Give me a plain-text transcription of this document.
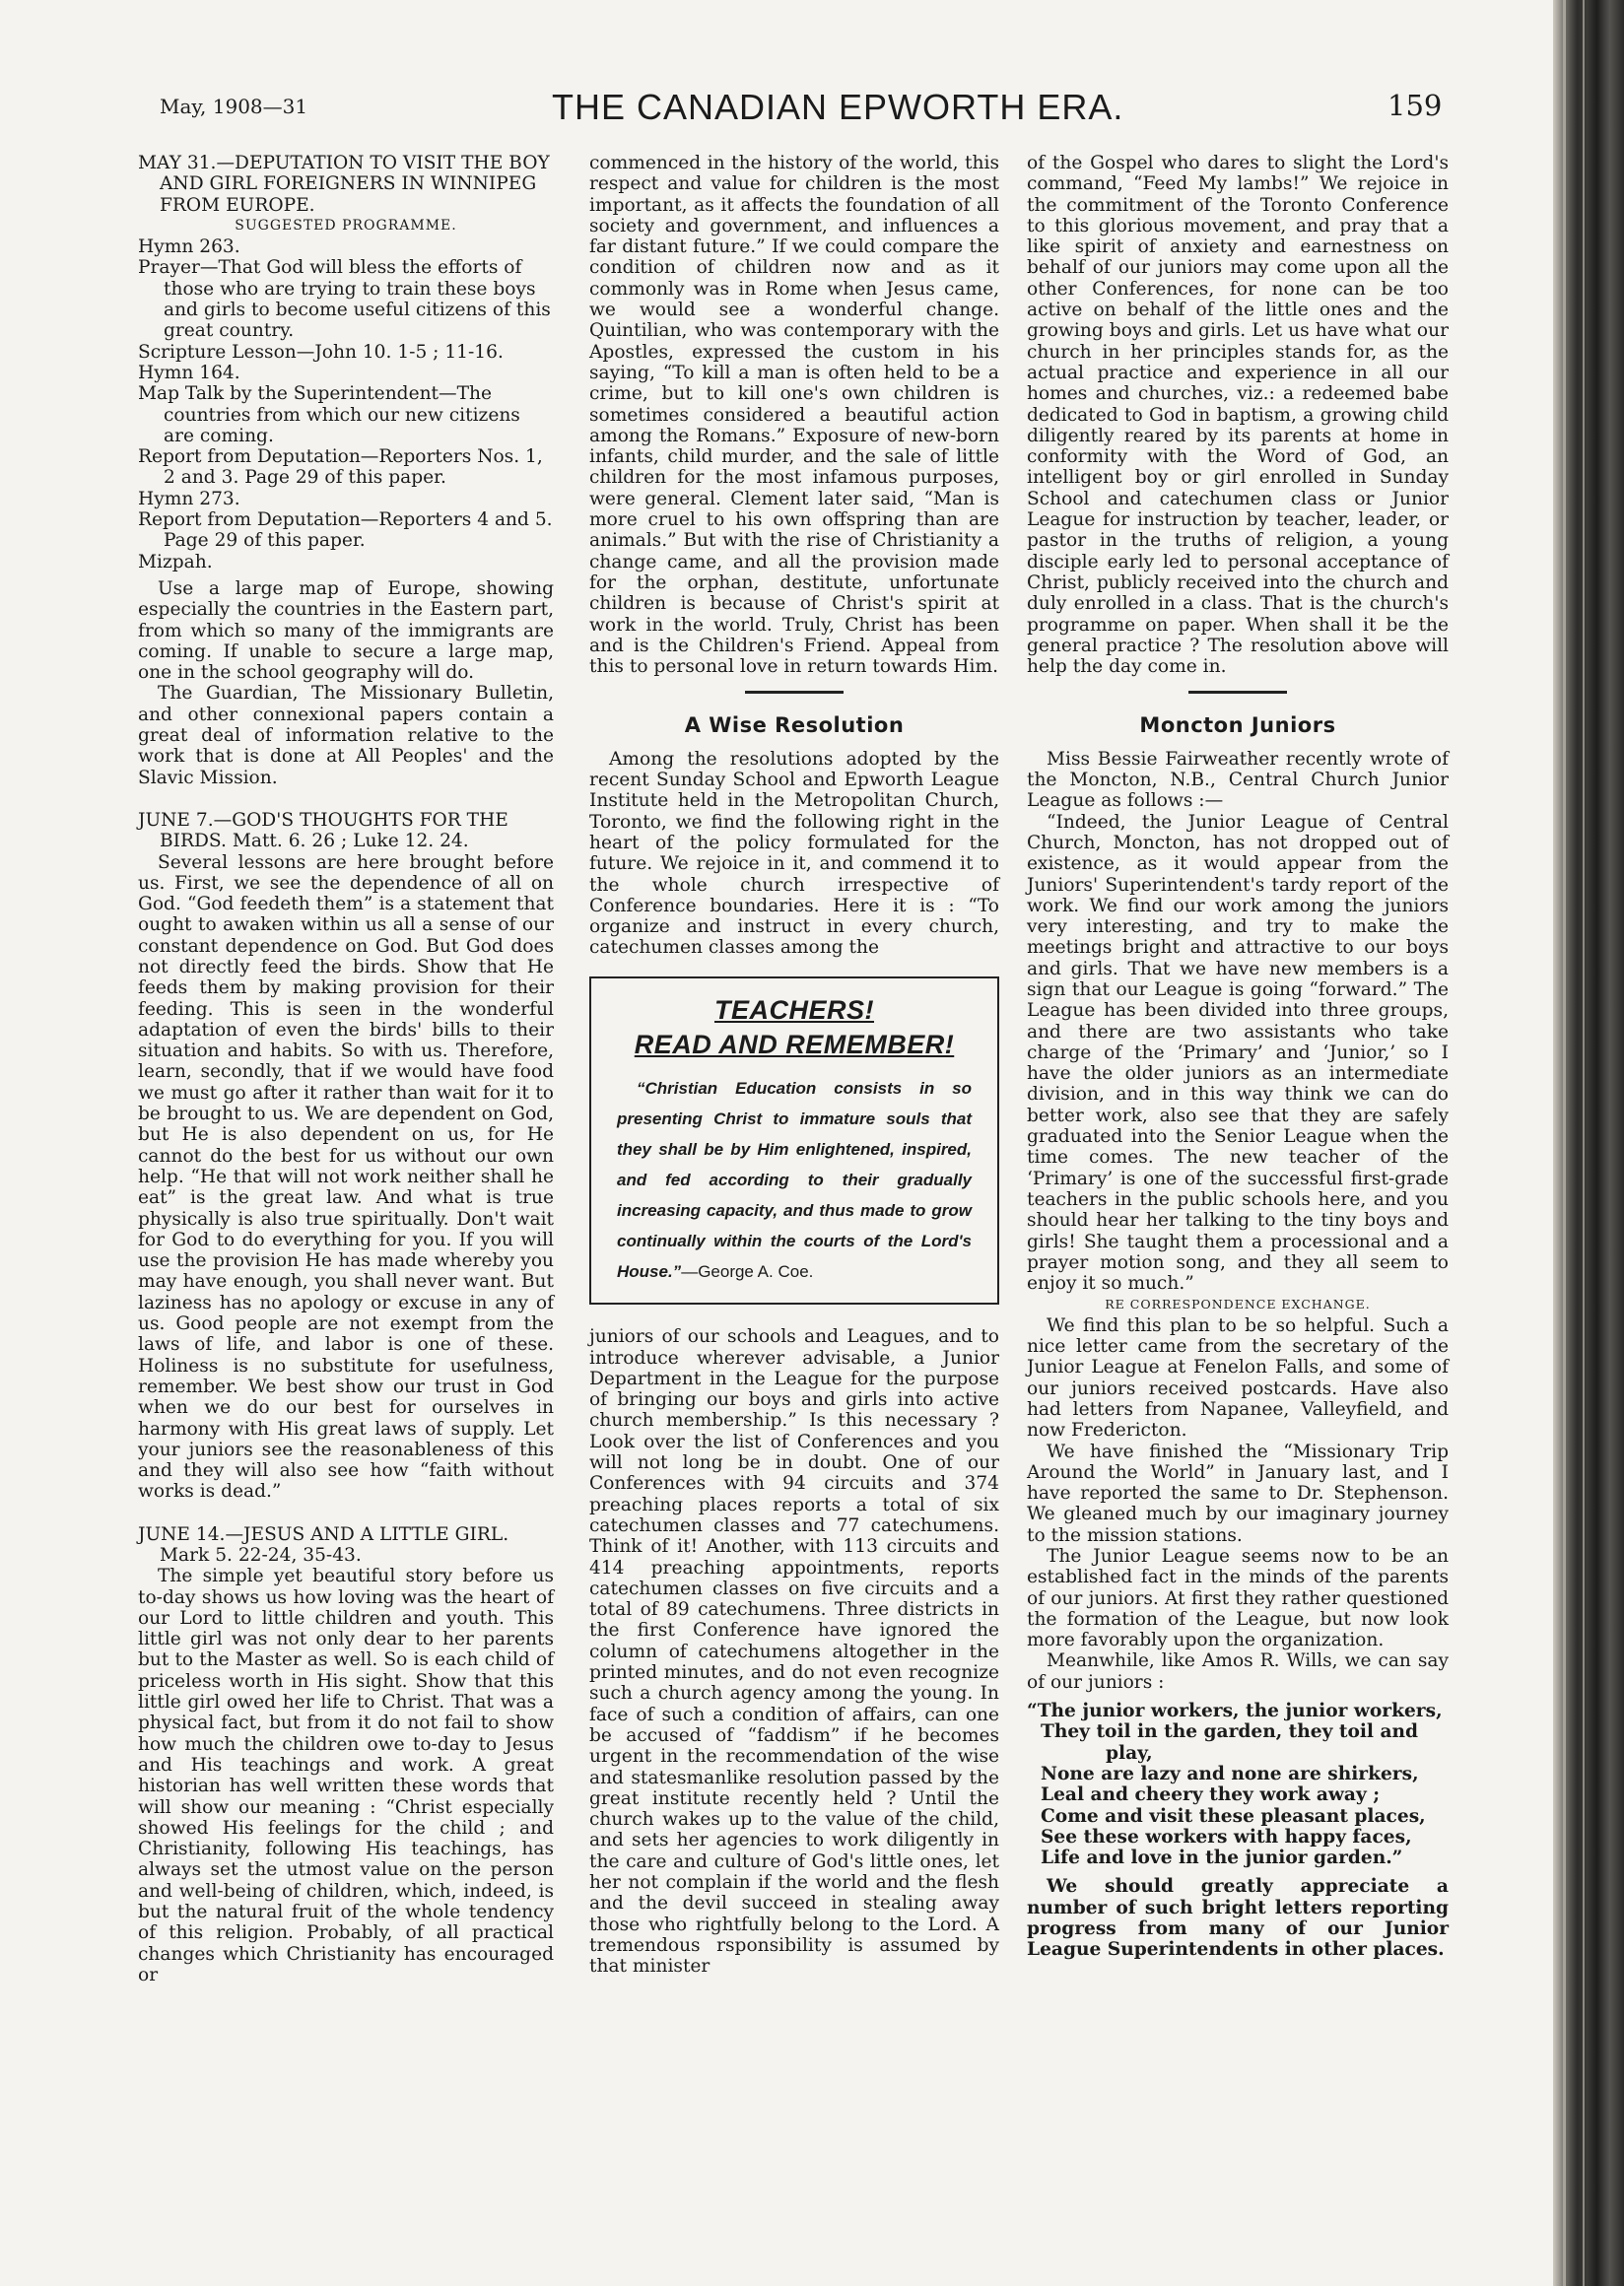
May, 1908—31	THE CANADIAN EPWORTH ERA.	159

MAY 31.—DEPUTATION TO VISIT THE BOY AND GIRL FOREIGNERS IN WINNIPEG FROM EUROPE.

SUGGESTED PROGRAMME.

Hymn 263.

Prayer—That God will bless the efforts of those who are trying to train these boys and girls to become useful citizens of this great country.

Scripture Lesson—John 10. 1-5 ; 11-16.

Hymn 164.

Map Talk by the Superintendent—The countries from which our new citizens are coming.

Report from Deputation—Reporters Nos. 1, 2 and 3. Page 29 of this paper.

Hymn 273.

Report from Deputation—Reporters 4 and 5. Page 29 of this paper.

Mizpah.

Use a large map of Europe, showing especially the countries in the Eastern part, from which so many of the immigrants are coming. If unable to secure a large map, one in the school geography will do.

The Guardian, The Missionary Bulletin, and other connexional papers contain a great deal of information relative to the work that is done at All Peoples' and the Slavic Mission.

JUNE 7.—GOD'S THOUGHTS FOR THE BIRDS. Matt. 6. 26 ; Luke 12. 24.

Several lessons are here brought before us. First, we see the dependence of all on God. “God feedeth them” is a statement that ought to awaken within us all a sense of our constant dependence on God. But God does not directly feed the birds. Show that He feeds them by making provision for their feeding. This is seen in the wonderful adaptation of even the birds' bills to their situation and habits. So with us. Therefore, learn, secondly, that if we would have food we must go after it rather than wait for it to be brought to us. We are dependent on God, but He is also dependent on us, for He cannot do the best for us without our own help. “He that will not work neither shall he eat” is the great law. And what is true physically is also true spiritually. Don't wait for God to do everything for you. If you will use the provision He has made whereby you may have enough, you shall never want. But laziness has no apology or excuse in any of us. Good people are not exempt from the laws of life, and labor is one of these. Holiness is no substitute for usefulness, remember. We best show our trust in God when we do our best for ourselves in harmony with His great laws of supply. Let your juniors see the reasonableness of this and they will also see how “faith without works is dead.”

JUNE 14.—JESUS AND A LITTLE GIRL. Mark 5. 22-24, 35-43.

The simple yet beautiful story before us to-day shows us how loving was the heart of our Lord to little children and youth. This little girl was not only dear to her parents but to the Master as well. So is each child of priceless worth in His sight. Show that this little girl owed her life to Christ. That was a physical fact, but from it do not fail to show how much the children owe to-day to Jesus and His teachings and work. A great historian has well written these words that will show our meaning : “Christ especially showed His feelings for the child ; and Christianity, following His teachings, has always set the utmost value on the person and well-being of children, which, indeed, is but the natural fruit of the whole tendency of this religion. Probably, of all practical changes which Christianity has encouraged or

commenced in the history of the world, this respect and value for children is the most important, as it affects the foundation of all society and government, and influences a far distant future.” If we could compare the condition of children now and as it commonly was in Rome when Jesus came, we would see a wonderful change. Quintilian, who was contemporary with the Apostles, expressed the custom in his saying, “To kill a man is often held to be a crime, but to kill one's own children is sometimes considered a beautiful action among the Romans.” Exposure of new-born infants, child murder, and the sale of little children for the most infamous purposes, were general. Clement later said, “Man is more cruel to his own offspring than are animals.” But with the rise of Christianity a change came, and all the provision made for the orphan, destitute, unfortunate children is because of Christ's spirit at work in the world. Truly, Christ has been and is the Children's Friend. Appeal from this to personal love in return towards Him.

A Wise Resolution

Among the resolutions adopted by the recent Sunday School and Epworth League Institute held in the Metropolitan Church, Toronto, we find the following right in the heart of the policy formulated for the future. We rejoice in it, and commend it to the whole church irrespective of Conference boundaries. Here it is : “To organize and instruct in every church, catechumen classes among the

TEACHERS!
READ AND REMEMBER!

“Christian Education consists in so presenting Christ to immature souls that they shall be by Him enlightened, inspired, and fed according to their gradually increasing capacity, and thus made to grow continually within the courts of the Lord's House.”—George A. Coe.

juniors of our schools and Leagues, and to introduce wherever advisable, a Junior Department in the League for the purpose of bringing our boys and girls into active church membership.” Is this necessary ? Look over the list of Conferences and you will not long be in doubt. One of our Conferences with 94 circuits and 374 preaching places reports a total of six catechumen classes and 77 catechumens. Think of it! Another, with 113 circuits and 414 preaching appointments, reports catechumen classes on five circuits and a total of 89 catechumens. Three districts in the first Conference have ignored the column of catechumens altogether in the printed minutes, and do not even recognize such a church agency among the young. In face of such a condition of affairs, can one be accused of “faddism” if he becomes urgent in the recommendation of the wise and statesmanlike resolution passed by the great institute recently held ? Until the church wakes up to the value of the child, and sets her agencies to work diligently in the care and culture of God's little ones, let her not complain if the world and the flesh and the devil succeed in stealing away those who rightfully belong to the Lord. A tremendous rsponsibility is assumed by that minister

of the Gospel who dares to slight the Lord's command, “Feed My lambs!” We rejoice in the commitment of the Toronto Conference to this glorious movement, and pray that a like spirit of anxiety and earnestness on behalf of our juniors may come upon all the other Conferences, for none can be too active on behalf of the little ones and the growing boys and girls. Let us have what our church in her principles stands for, as the actual practice and experience in all our homes and churches, viz.: a redeemed babe dedicated to God in baptism, a growing child diligently reared by its parents at home in conformity with the Word of God, an intelligent boy or girl enrolled in Sunday School and catechumen class or Junior League for instruction by teacher, leader, or pastor in the truths of religion, a young disciple early led to personal acceptance of Christ, publicly received into the church and duly enrolled in a class. That is the church's programme on paper. When shall it be the general practice ? The resolution above will help the day come in.

Moncton Juniors

Miss Bessie Fairweather recently wrote of the Moncton, N.B., Central Church Junior League as follows :—

“Indeed, the Junior League of Central Church, Moncton, has not dropped out of existence, as it would appear from the Juniors' Superintendent's tardy report of the work. We find our work among the juniors very interesting, and try to make the meetings bright and attractive to our boys and girls. That we have new members is a sign that our League is going “forward.” The League has been divided into three groups, and there are two assistants who take charge of the ‘Primary’ and ‘Junior,’ so I have the older juniors as an intermediate division, and in this way think we can do better work, also see that they are safely graduated into the Senior League when the time comes. The new teacher of the ‘Primary’ is one of the successful first-grade teachers in the public schools here, and you should hear her talking to the tiny boys and girls! She taught them a processional and a prayer motion song, and they all seem to enjoy it so much.”

RE CORRESPONDENCE EXCHANGE.

We find this plan to be so helpful. Such a nice letter came from the secretary of the Junior League at Fenelon Falls, and some of our juniors received postcards. Have also had letters from Napanee, Valleyfield, and now Fredericton.

We have finished the “Missionary Trip Around the World” in January last, and I have reported the same to Dr. Stephenson. We gleaned much by our imaginary journey to the mission stations.

The Junior League seems now to be an established fact in the minds of the parents of our juniors. At first they rather questioned the formation of the League, but now look more favorably upon the organization.

Meanwhile, like Amos R. Wills, we can say of our juniors :

“The junior workers, the junior workers,
They toil in the garden, they toil and
play,
None are lazy and none are shirkers,
Leal and cheery they work away ;
Come and visit these pleasant places,
See these workers with happy faces,
Life and love in the junior garden.”

We should greatly appreciate a number of such bright letters reporting progress from many of our Junior League Superintendents in other places.
